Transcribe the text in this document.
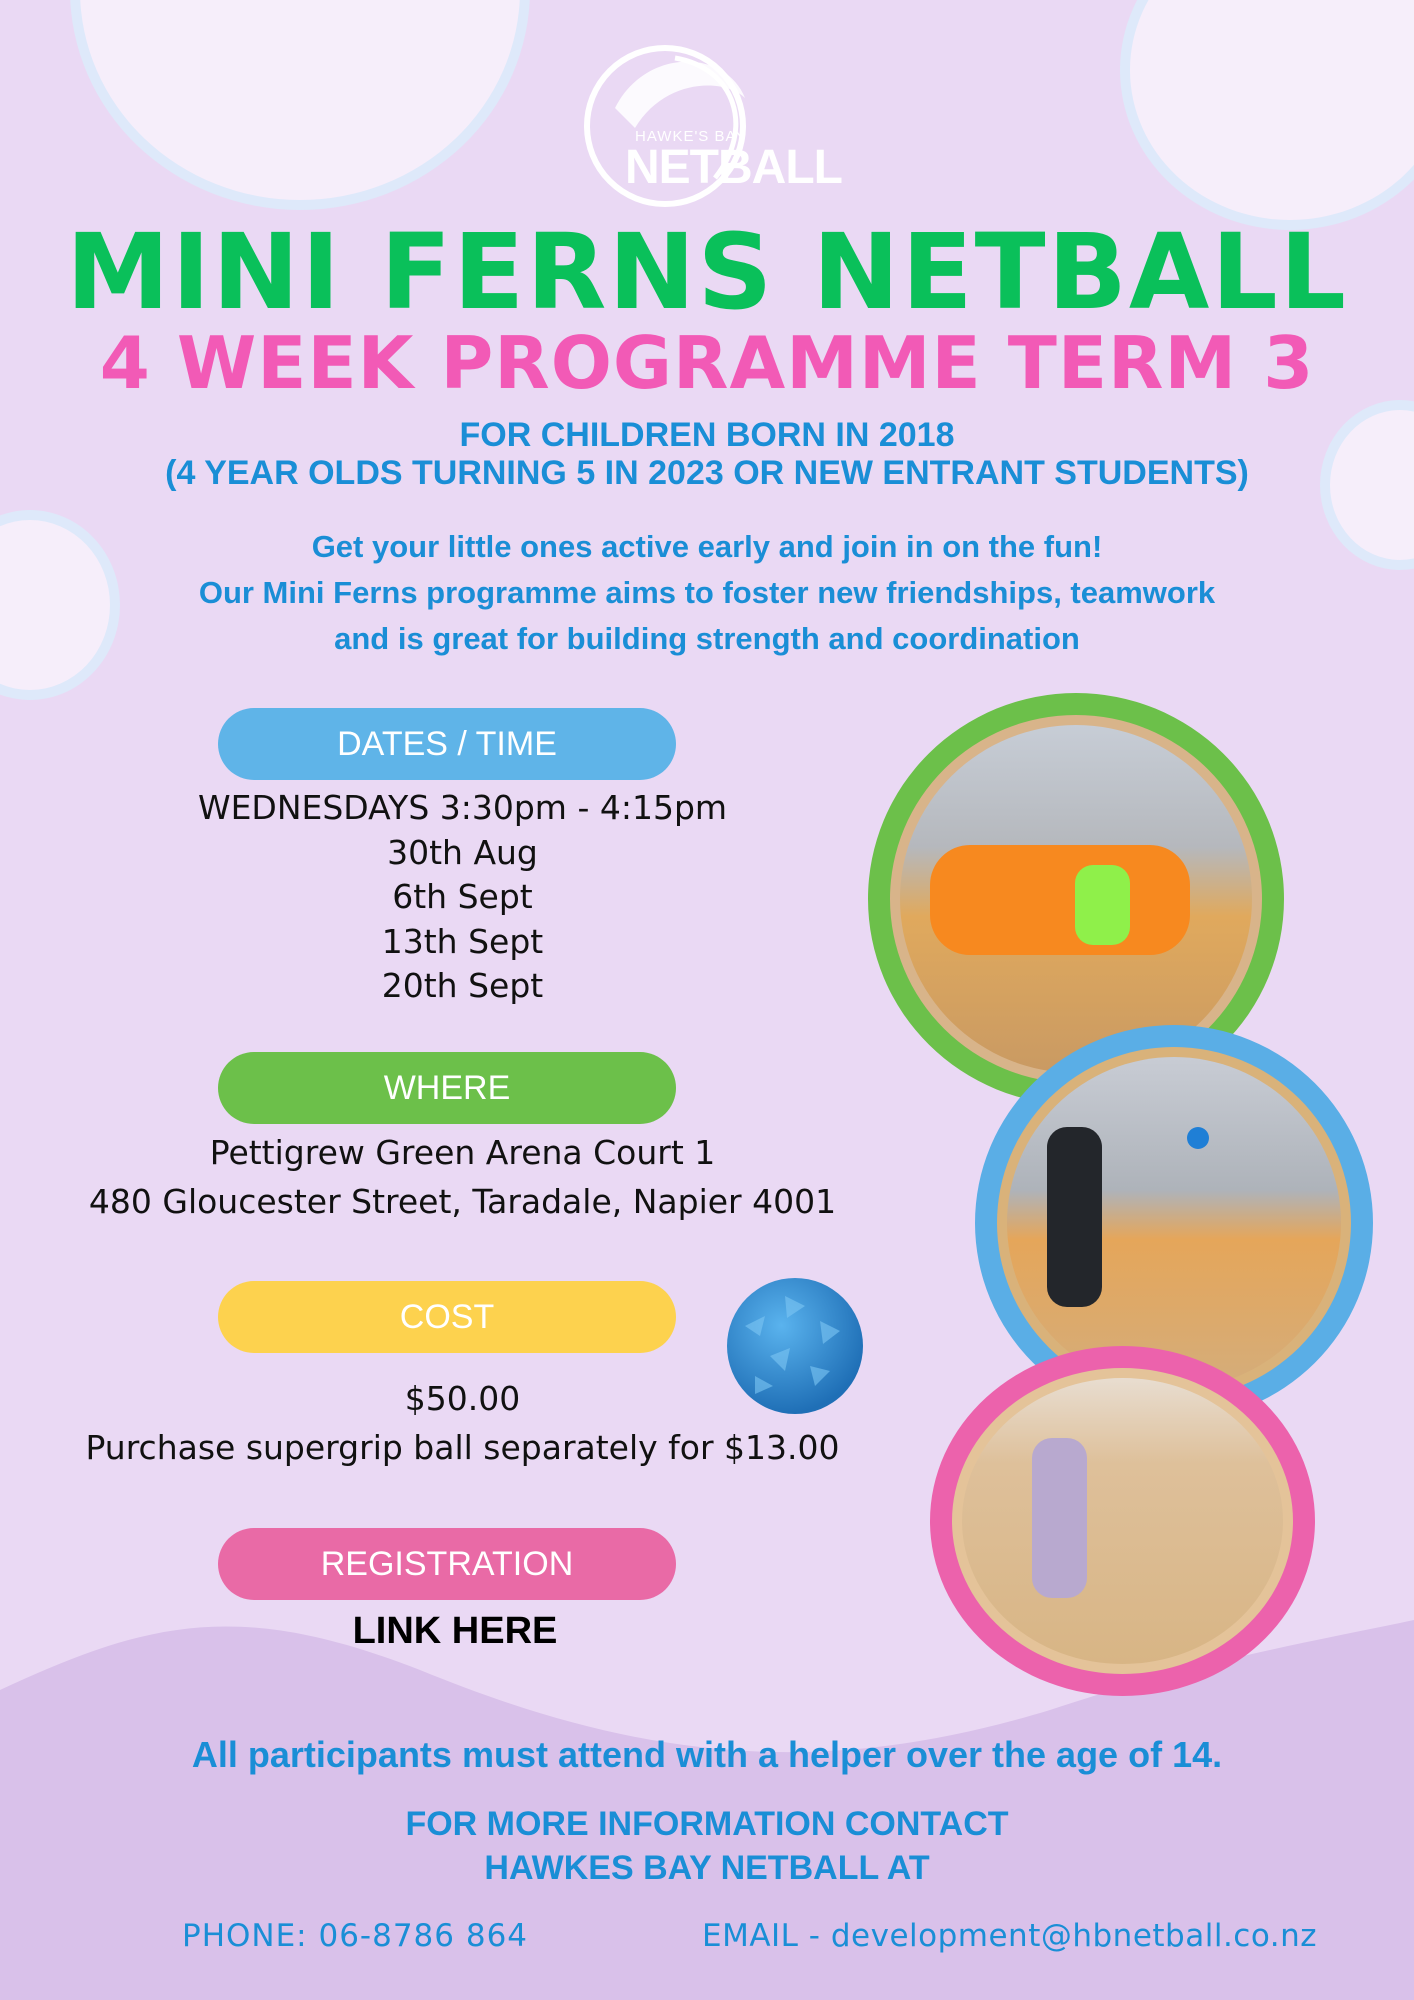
HAWKE'S BAY
NETBALL
MINI FERNS NETBALL
4 WEEK PROGRAMME TERM 3
FOR CHILDREN BORN IN 2018
(4 YEAR OLDS TURNING 5 IN 2023 OR NEW ENTRANT STUDENTS)
Get your little ones active early and join in on the fun!
Our Mini Ferns programme aims to foster new friendships, teamwork
and is great for building strength and coordination
DATES / TIME
WEDNESDAYS 3:30pm - 4:15pm
30th Aug
6th Sept
13th Sept
20th Sept
WHERE
Pettigrew Green Arena Court 1
480 Gloucester Street, Taradale, Napier 4001
COST
$50.00
Purchase supergrip ball separately for $13.00
REGISTRATION
LINK HERE
All participants must attend with a helper over the age of 14.
FOR MORE INFORMATION CONTACT
HAWKES BAY NETBALL AT
PHONE: 06-8786 864	EMAIL - development@hbnetball.co.nz
